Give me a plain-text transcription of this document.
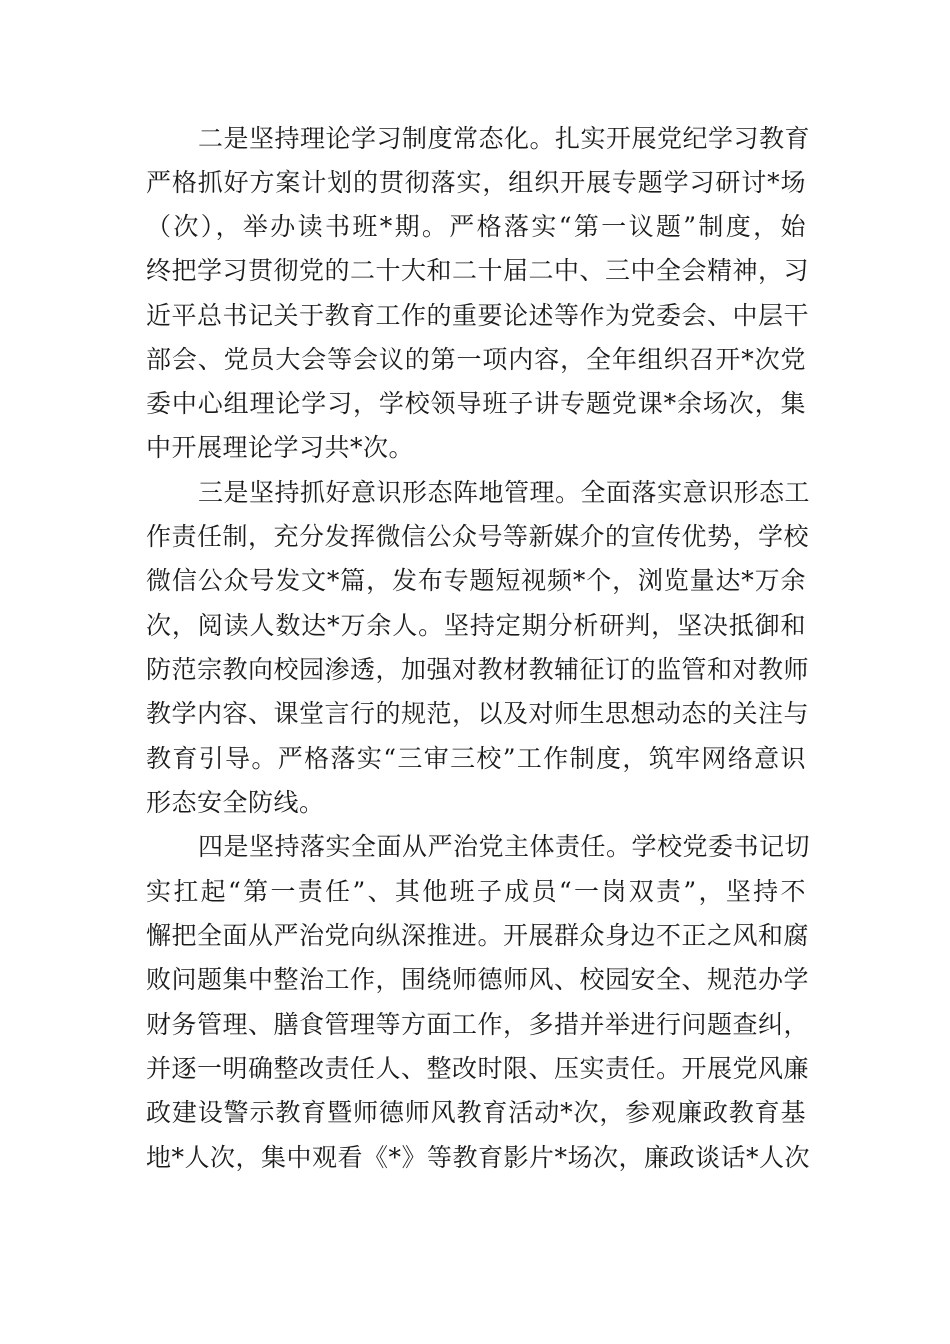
二是坚持理论学习制度常态化。扎实开展党纪学习教育
严格抓好方案计划的贯彻落实，组织开展专题学习研讨*场
（次），举办读书班*期。严格落实“第一议题”制度，始
终把学习贯彻党的二十大和二十届二中、三中全会精神，习
近平总书记关于教育工作的重要论述等作为党委会、中层干
部会、党员大会等会议的第一项内容，全年组织召开*次党
委中心组理论学习，学校领导班子讲专题党课*余场次，集
中开展理论学习共*次。
三是坚持抓好意识形态阵地管理。全面落实意识形态工
作责任制，充分发挥微信公众号等新媒介的宣传优势，学校
微信公众号发文*篇，发布专题短视频*个，浏览量达*万余
次，阅读人数达*万余人。坚持定期分析研判，坚决抵御和
防范宗教向校园渗透，加强对教材教辅征订的监管和对教师
教学内容、课堂言行的规范，以及对师生思想动态的关注与
教育引导。严格落实“三审三校”工作制度，筑牢网络意识
形态安全防线。
四是坚持落实全面从严治党主体责任。学校党委书记切
实扛起“第一责任”、其他班子成员“一岗双责”，坚持不
懈把全面从严治党向纵深推进。开展群众身边不正之风和腐
败问题集中整治工作，围绕师德师风、校园安全、规范办学
财务管理、膳食管理等方面工作，多措并举进行问题查纠，
并逐一明确整改责任人、整改时限、压实责任。开展党风廉
政建设警示教育暨师德师风教育活动*次，参观廉政教育基
地*人次，集中观看《*》等教育影片*场次，廉政谈话*人次
